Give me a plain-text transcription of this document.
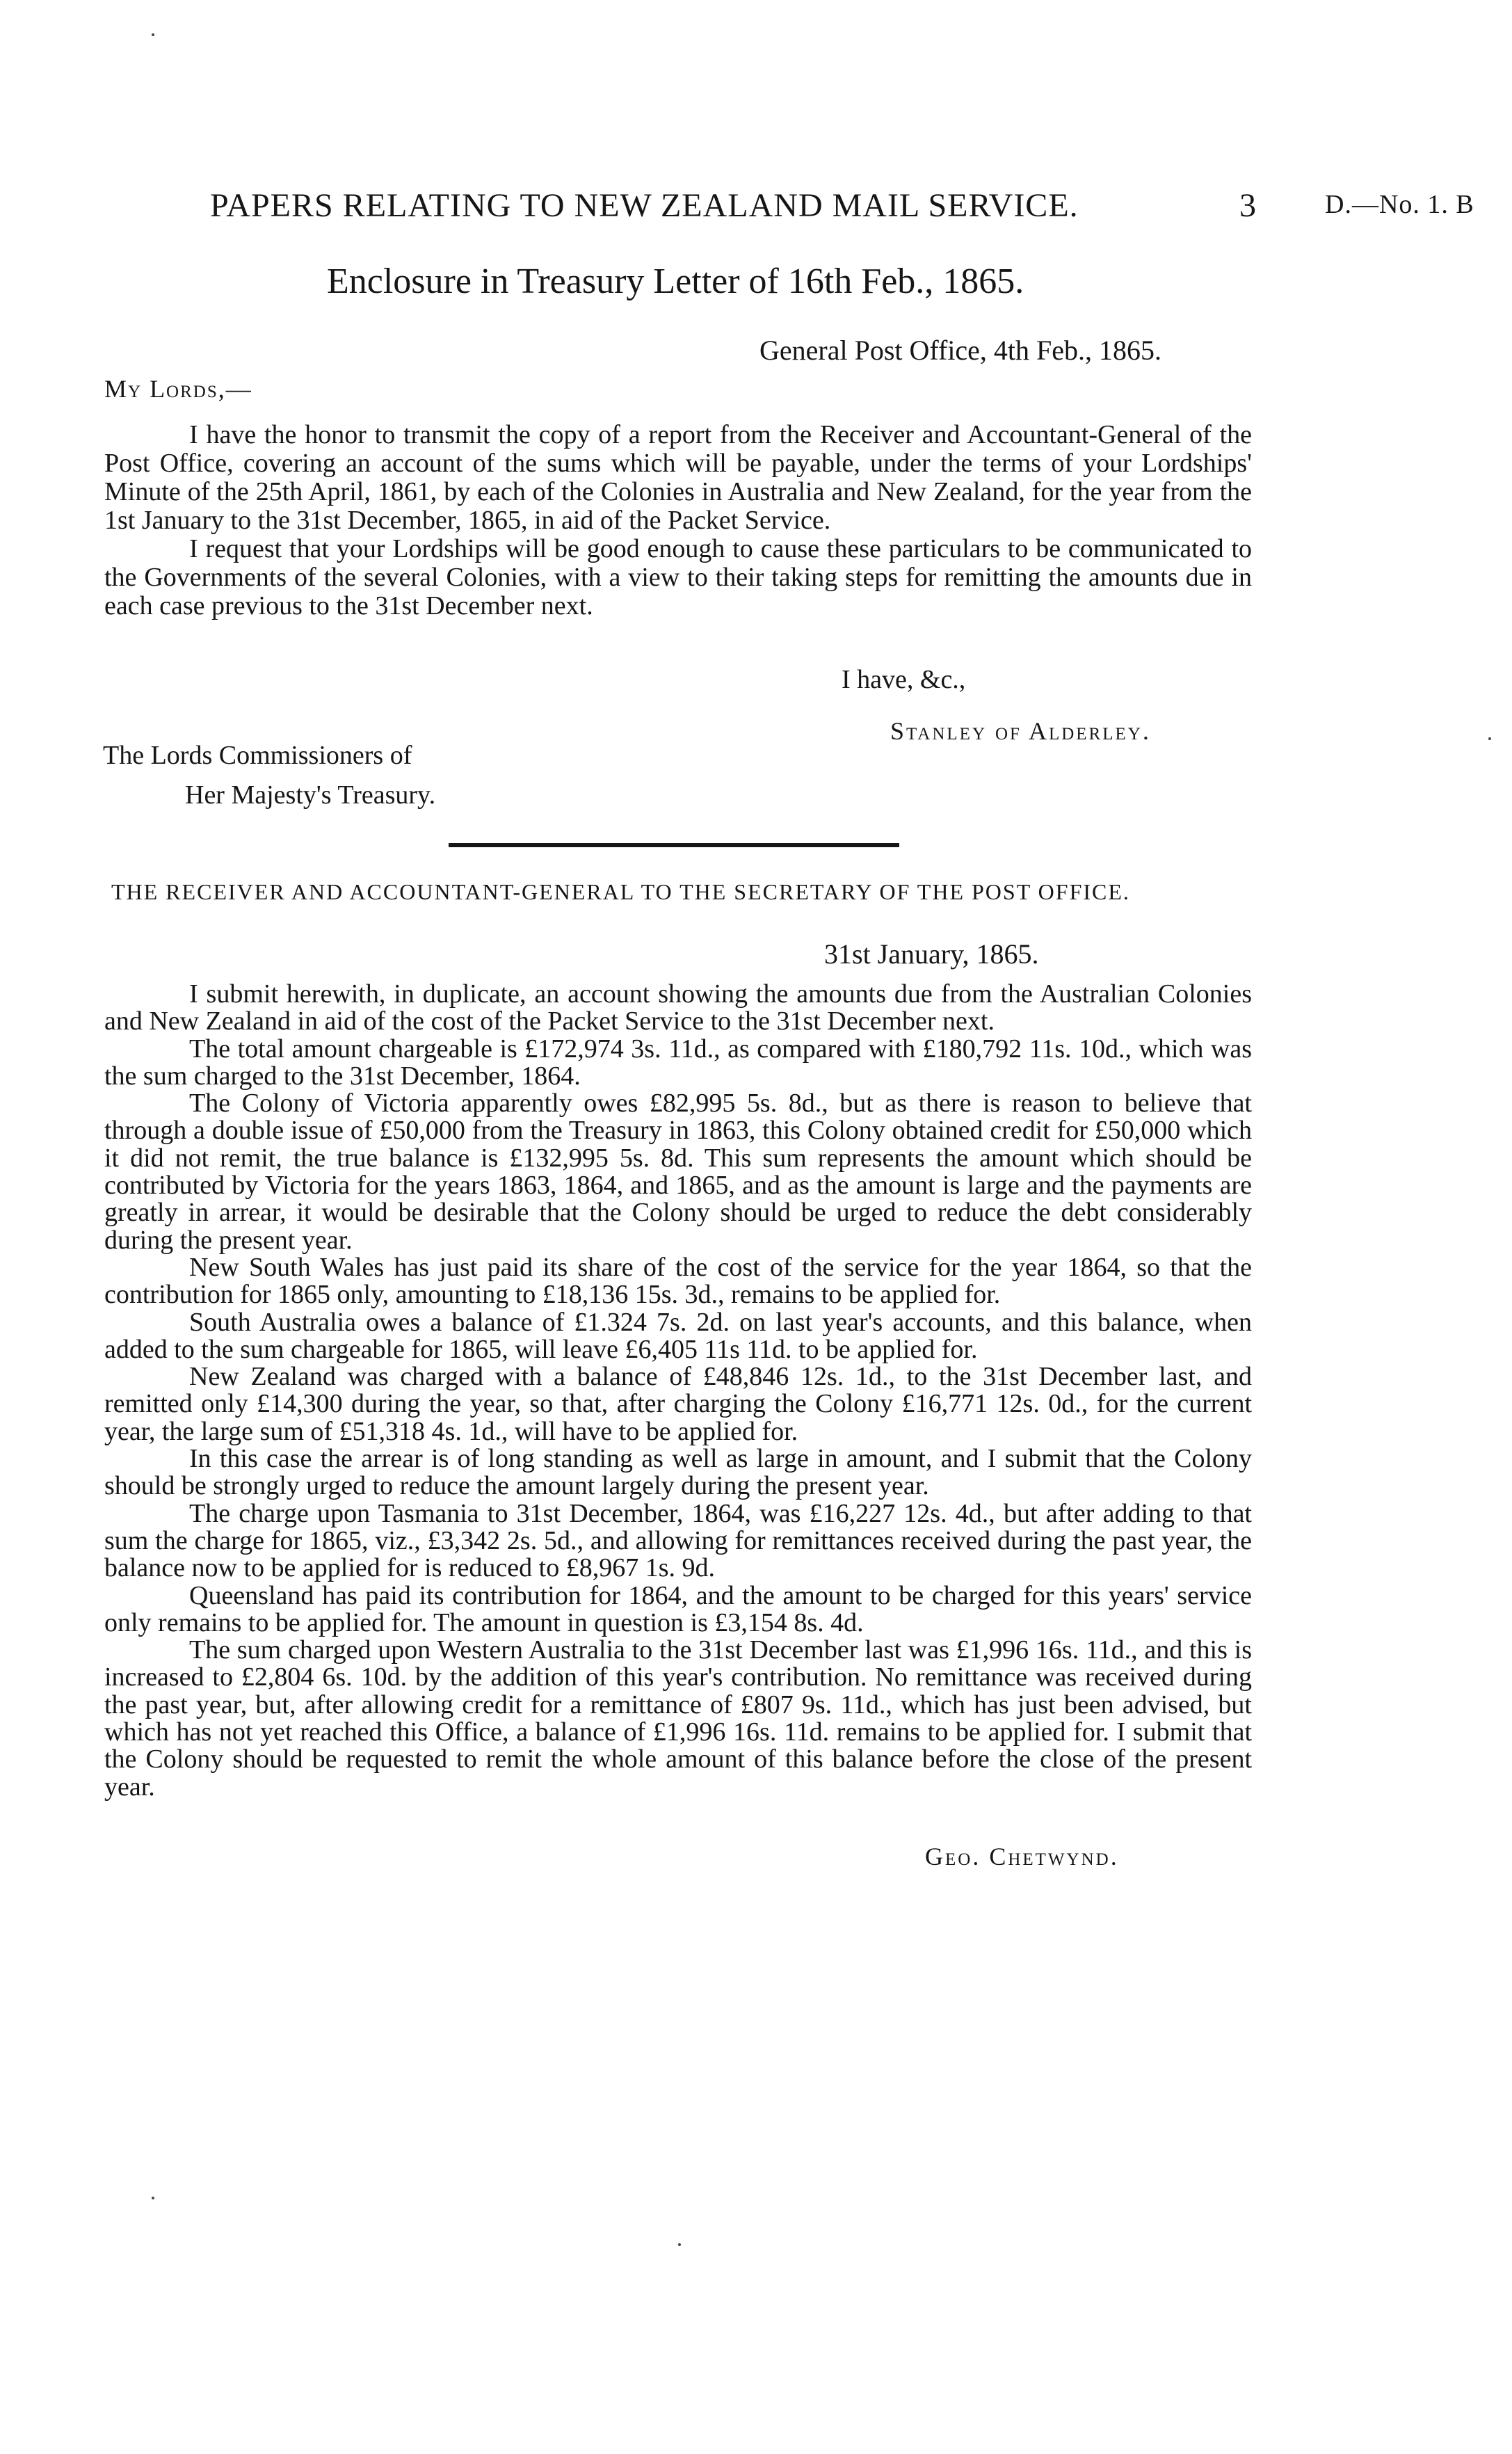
PAPERS RELATING TO NEW ZEALAND MAIL SERVICE.	3	D.—No. 1. B
Enclosure in Treasury Letter of 16th Feb., 1865.
General Post Office, 4th Feb., 1865.
My Lords,—

I have the honor to transmit the copy of a report from the Receiver and Accountant-General of the Post Office, covering an account of the sums which will be payable, under the terms of your Lordships' Minute of the 25th April, 1861, by each of the Colonies in Australia and New Zealand, for the year from the 1st January to the 31st December, 1865, in aid of the Packet Service.

I request that your Lordships will be good enough to cause these particulars to be communicated to the Governments of the several Colonies, with a view to their taking steps for remitting the amounts due in each case previous to the 31st December next.

I have, &c.,
Stanley of Alderley.
The Lords Commissioners of
Her Majesty's Treasury.
THE RECEIVER AND ACCOUNTANT-GENERAL TO THE SECRETARY OF THE POST OFFICE.
31st January, 1865.

I submit herewith, in duplicate, an account showing the amounts due from the Australian Colonies and New Zealand in aid of the cost of the Packet Service to the 31st December next.

The total amount chargeable is £172,974 3s. 11d., as compared with £180,792 11s. 10d., which was the sum charged to the 31st December, 1864.

The Colony of Victoria apparently owes £82,995 5s. 8d., but as there is reason to believe that through a double issue of £50,000 from the Treasury in 1863, this Colony obtained credit for £50,000 which it did not remit, the true balance is £132,995 5s. 8d. This sum represents the amount which should be contributed by Victoria for the years 1863, 1864, and 1865, and as the amount is large and the payments are greatly in arrear, it would be desirable that the Colony should be urged to reduce the debt considerably during the present year.

New South Wales has just paid its share of the cost of the service for the year 1864, so that the contribution for 1865 only, amounting to £18,136 15s. 3d., remains to be applied for.

South Australia owes a balance of £1.324 7s. 2d. on last year's accounts, and this balance, when added to the sum chargeable for 1865, will leave £6,405 11s 11d. to be applied for.

New Zealand was charged with a balance of £48,846 12s. 1d., to the 31st December last, and remitted only £14,300 during the year, so that, after charging the Colony £16,771 12s. 0d., for the current year, the large sum of £51,318 4s. 1d., will have to be applied for.

In this case the arrear is of long standing as well as large in amount, and I submit that the Colony should be strongly urged to reduce the amount largely during the present year.

The charge upon Tasmania to 31st December, 1864, was £16,227 12s. 4d., but after adding to that sum the charge for 1865, viz., £3,342 2s. 5d., and allowing for remittances received during the past year, the balance now to be applied for is reduced to £8,967 1s. 9d.

Queensland has paid its contribution for 1864, and the amount to be charged for this years' service only remains to be applied for. The amount in question is £3,154 8s. 4d.

The sum charged upon Western Australia to the 31st December last was £1,996 16s. 11d., and this is increased to £2,804 6s. 10d. by the addition of this year's contribution. No remittance was received during the past year, but, after allowing credit for a remittance of £807 9s. 11d., which has just been advised, but which has not yet reached this Office, a balance of £1,996 16s. 11d. remains to be applied for. I submit that the Colony should be requested to remit the whole amount of this balance before the close of the present year.

Geo. Chetwynd.
